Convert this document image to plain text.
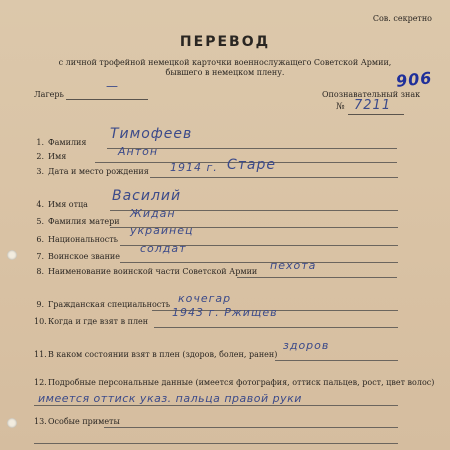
Сов. секретно
ПЕРЕВОД
с личной трофейной немецкой карточки военнослужащего Советской Армии,
бывшего в немецком плену.	906
Лагерь
—
Опознавательный знак
№ 7211
1. Фамилия
Тимофеев
2. Имя	Антон
3. Дата и место рождения 1914 г. Старе
4. Имя отца
Василий
5. Фамилия матери
Жидан
6. Национальность
украинец
7. Воинское звание
солдат
8. Наименование воинской части Советской Армии пехота
9. Гражданская специальность кочегар
10.Когда и где взят в плен
1943 г. Ржищев
11.В каком состоянии взят в плен (здоров, болен, ранен)
здоров
12.Подробные персональные данные (имеется фотография, оттиск пальцев, рост, цвет волос)
имеется оттиск указ. пальца правой руки
13.Особые приметы
